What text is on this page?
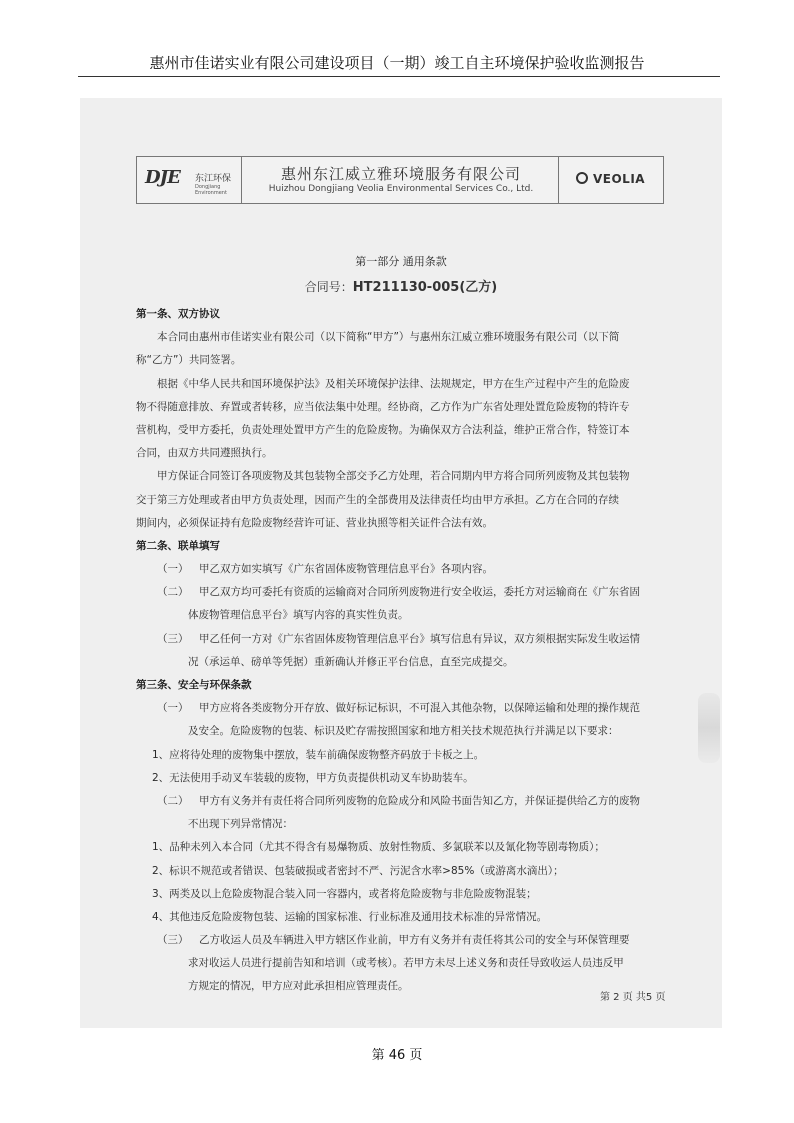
惠州市佳诺实业有限公司建设项目（一期）竣工自主环境保护验收监测报告
DJE 东江环保
Dongjiang Environment
惠州东江威立雅环境服务有限公司
Huizhou Dongjiang Veolia Environmental Services Co., Ltd.
VEOLIA
第一部分 通用条款
合同号：HT211130-005(乙方)
第一条、双方协议
本合同由惠州市佳诺实业有限公司（以下简称“甲方”）与惠州东江威立雅环境服务有限公司（以下简
称“乙方”）共同签署。
根据《中华人民共和国环境保护法》及相关环境保护法律、法规规定，甲方在生产过程中产生的危险废
物不得随意排放、弃置或者转移，应当依法集中处理。经协商，乙方作为广东省处理处置危险废物的特许专
营机构，受甲方委托，负责处理处置甲方产生的危险废物。为确保双方合法利益，维护正常合作，特签订本
合同，由双方共同遵照执行。
甲方保证合同签订各项废物及其包装物全部交予乙方处理，若合同期内甲方将合同所列废物及其包装物
交于第三方处理或者由甲方负责处理，因而产生的全部费用及法律责任均由甲方承担。乙方在合同的存续
期间内，必须保证持有危险废物经营许可证、营业执照等相关证件合法有效。
第二条、联单填写
（一） 甲乙双方如实填写《广东省固体废物管理信息平台》各项内容。
（二） 甲乙双方均可委托有资质的运输商对合同所列废物进行安全收运，委托方对运输商在《广东省固
体废物管理信息平台》填写内容的真实性负责。
（三） 甲乙任何一方对《广东省固体废物管理信息平台》填写信息有异议，双方须根据实际发生收运情
况（承运单、磅单等凭据）重新确认并修正平台信息，直至完成提交。
第三条、安全与环保条款
（一） 甲方应将各类废物分开存放、做好标记标识，不可混入其他杂物，以保障运输和处理的操作规范
及安全。危险废物的包装、标识及贮存需按照国家和地方相关技术规范执行并满足以下要求：
1、应将待处理的废物集中摆放，装车前确保废物整齐码放于卡板之上。
2、无法使用手动叉车装载的废物，甲方负责提供机动叉车协助装车。
（二） 甲方有义务并有责任将合同所列废物的危险成分和风险书面告知乙方，并保证提供给乙方的废物
不出现下列异常情况：
1、品种未列入本合同（尤其不得含有易爆物质、放射性物质、多氯联苯以及氰化物等剧毒物质）；
2、标识不规范或者错误、包装破损或者密封不严、污泥含水率>85%（或游离水滴出）；
3、两类及以上危险废物混合装入同一容器内，或者将危险废物与非危险废物混装；
4、其他违反危险废物包装、运输的国家标准、行业标准及通用技术标准的异常情况。
（三） 乙方收运人员及车辆进入甲方辖区作业前，甲方有义务并有责任将其公司的安全与环保管理要
求对收运人员进行提前告知和培训（或考核）。若甲方未尽上述义务和责任导致收运人员违反甲
方规定的情况，甲方应对此承担相应管理责任。
第 2 页 共5 页
第 46 页
